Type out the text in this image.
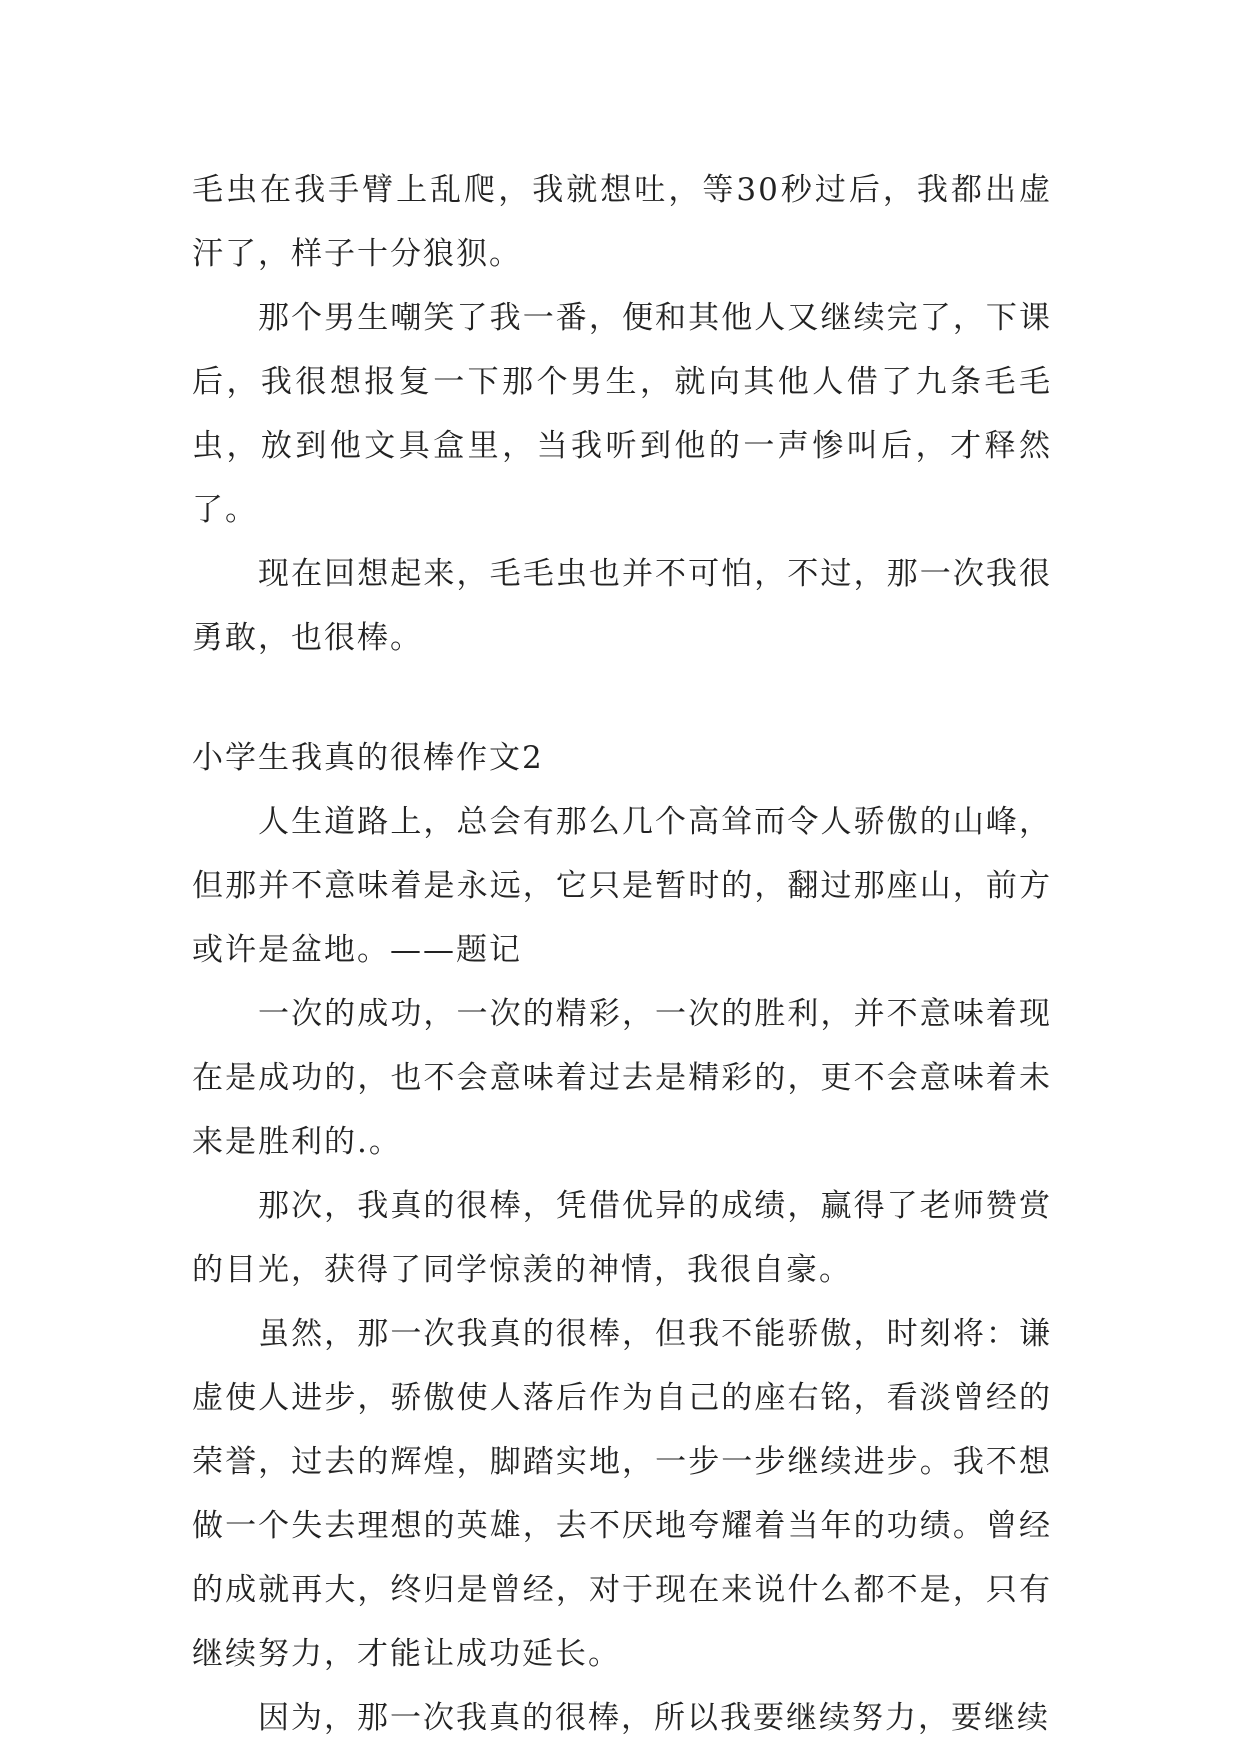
毛虫在我手臂上乱爬，我就想吐，等30秒过后，我都出虚汗了，样子十分狼狈。

那个男生嘲笑了我一番，便和其他人又继续完了，下课后，我很想报复一下那个男生，就向其他人借了九条毛毛虫，放到他文具盒里，当我听到他的一声惨叫后，才释然了。

现在回想起来，毛毛虫也并不可怕，不过，那一次我很勇敢，也很棒。

小学生我真的很棒作文2

人生道路上，总会有那么几个高耸而令人骄傲的山峰，但那并不意味着是永远，它只是暂时的，翻过那座山，前方或许是盆地。——题记

一次的成功，一次的精彩，一次的胜利，并不意味着现在是成功的，也不会意味着过去是精彩的，更不会意味着未来是胜利的.。

那次，我真的很棒，凭借优异的成绩，赢得了老师赞赏的目光，获得了同学惊羡的神情，我很自豪。

虽然，那一次我真的很棒，但我不能骄傲，时刻将：谦虚使人进步，骄傲使人落后作为自己的座右铭，看淡曾经的荣誉，过去的辉煌，脚踏实地，一步一步继续进步。我不想做一个失去理想的英雄，去不厌地夸耀着当年的功绩。曾经的成就再大，终归是曾经，对于现在来说什么都不是，只有继续努力，才能让成功延长。

因为，那一次我真的很棒，所以我要继续努力，要继续
